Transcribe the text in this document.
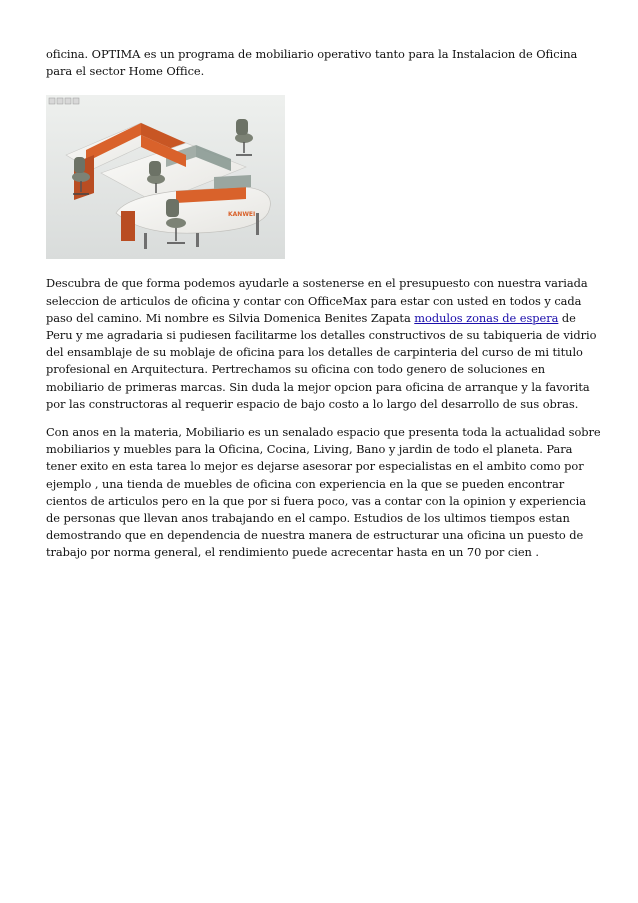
oficina. OPTIMA es un programa de mobiliario operativo tanto para la Instalacion de Oficina para el sector Home Office.

KANWEI

Descubra de que forma podemos ayudarle a sostenerse en el presupuesto con nuestra variada seleccion de articulos de oficina y contar con OfficeMax para estar con usted en todos y cada paso del camino. Mi nombre es Silvia Domenica Benites Zapata modulos zonas de espera de Peru y me agradaria si pudiesen facilitarme los detalles constructivos de su tabiqueria de vidrio del ensamblaje de su moblaje de oficina para los detalles de carpinteria del curso de mi titulo profesional en Arquitectura. Pertrechamos su oficina con todo genero de soluciones en mobiliario de primeras marcas. Sin duda la mejor opcion para oficina de arranque y la favorita por las constructoras al requerir espacio de bajo costo a lo largo del desarrollo de sus obras.

Con anos en la materia, Mobiliario es un senalado espacio que presenta toda la actualidad sobre mobiliarios y muebles para la Oficina, Cocina, Living, Bano y jardin de todo el planeta. Para tener exito en esta tarea lo mejor es dejarse asesorar por especialistas en el ambito como por ejemplo , una tienda de muebles de oficina con experiencia en la que se pueden encontrar cientos de articulos pero en la que por si fuera poco, vas a contar con la opinion y experiencia de personas que llevan anos trabajando en el campo. Estudios de los ultimos tiempos estan demostrando que en dependencia de nuestra manera de estructurar una oficina un puesto de trabajo por norma general, el rendimiento puede acrecentar hasta en un 70 por cien .
